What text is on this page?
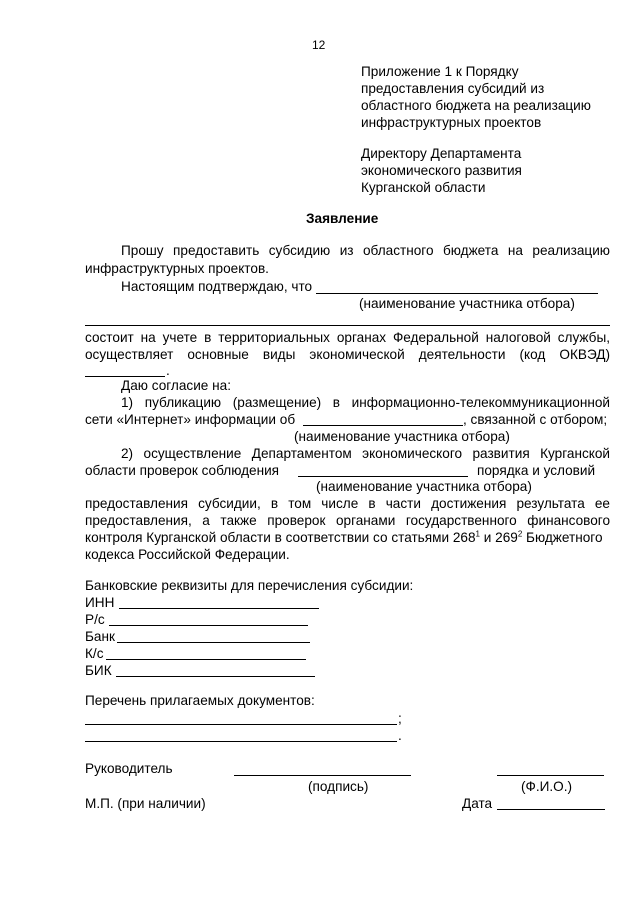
12
Приложение 1 к Порядку
предоставления субсидий из
областного бюджета на реализацию
инфраструктурных проектов
Директору Департамента
экономического развития
Курганской области
Заявление
Прошу предоставить субсидию из областного бюджета на реализацию
инфраструктурных проектов.
Настоящим подтверждаю, что
(наименование участника отбора)
состоит на учете в территориальных органах Федеральной налоговой службы,
осуществляет основные виды экономической деятельности (код ОКВЭД)
.
Даю согласие на:
1) публикацию (размещение) в информационно-телекоммуникационной
сети «Интернет» информации об	, связанной с отбором;
(наименование участника отбора)
2) осуществление Департаментом экономического развития Курганской
области проверок соблюдения	порядка и условий
(наименование участника отбора)
предоставления субсидии, в том числе в части достижения результата ее
предоставления, а также проверок органами государственного финансового
контроля Курганской области в соответствии со статьями $268^1$ и $269^2$ Бюджетного
кодекса Российской Федерации.
Банковские реквизиты для перечисления субсидии:
ИНН
Р/с
Банк
К/с
БИК
Перечень прилагаемых документов:
;
.
Руководитель
(подпись)	(Ф.И.О.)
М.П. (при наличии)	Дата
